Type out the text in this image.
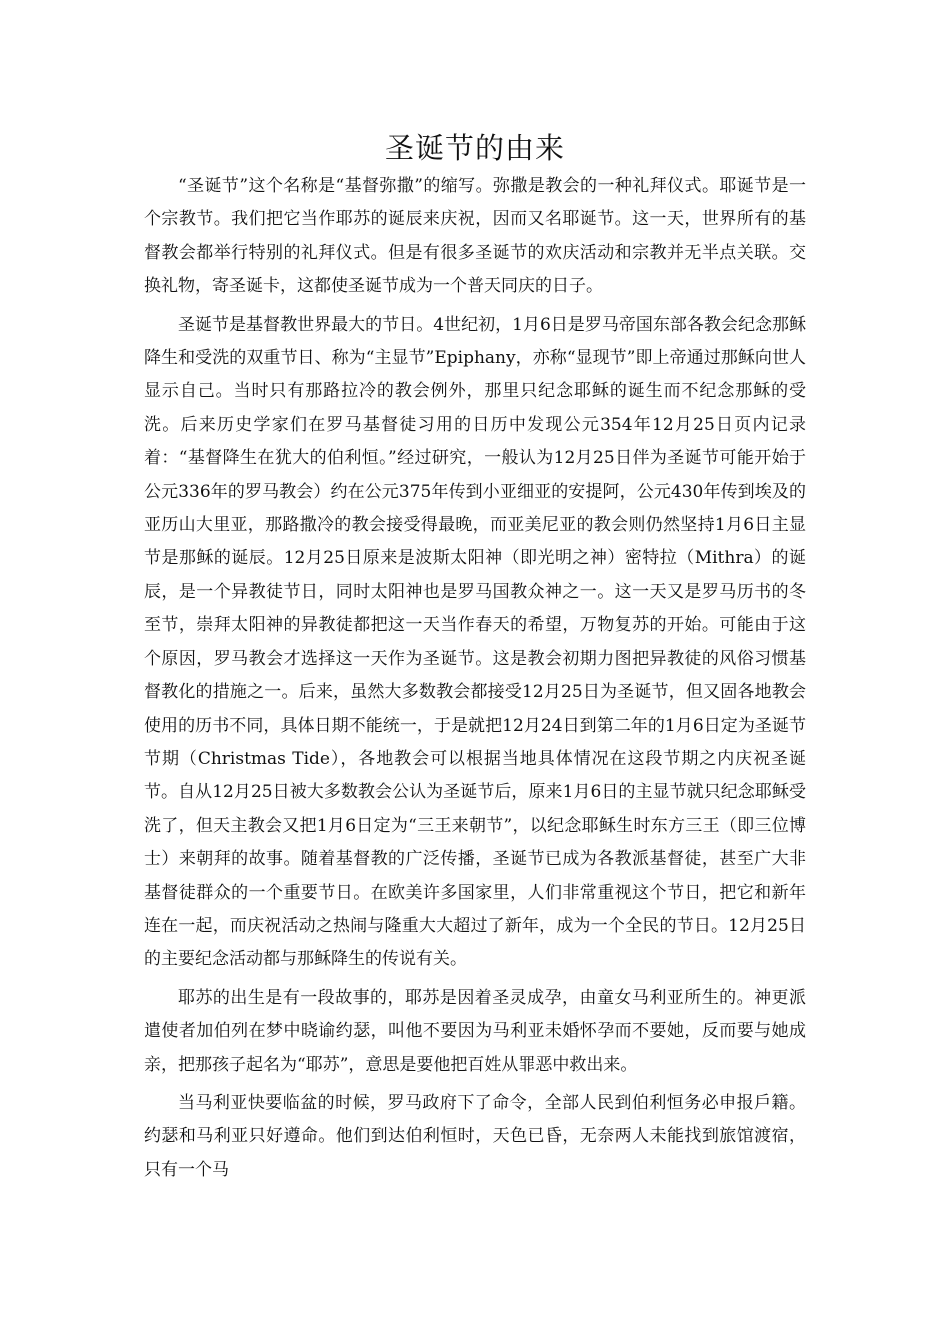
圣诞节的由来

“圣诞节”这个名称是“基督弥撒”的缩写。弥撒是教会的一种礼拜仪式。耶诞节是一个宗教节。我们把它当作耶苏的诞辰来庆祝，因而又名耶诞节。这一天，世界所有的基督教会都举行特别的礼拜仪式。但是有很多圣诞节的欢庆活动和宗教并无半点关联。交换礼物，寄圣诞卡，这都使圣诞节成为一个普天同庆的日子。

圣诞节是基督教世界最大的节日。4世纪初，1月6日是罗马帝国东部各教会纪念那稣降生和受洗的双重节日、称为“主显节”Epiphany，亦称“显现节”即上帝通过那稣向世人显示自己。当时只有那路拉冷的教会例外，那里只纪念耶稣的诞生而不纪念那稣的受洗。后来历史学家们在罗马基督徒习用的日历中发现公元354年12月25日页内记录着：“基督降生在犹大的伯利恒。”经过研究，一般认为12月25日伴为圣诞节可能开始于公元336年的罗马教会）约在公元375年传到小亚细亚的安提阿，公元430年传到埃及的亚历山大里亚，那路撒冷的教会接受得最晚，而亚美尼亚的教会则仍然坚持1月6日主显节是那稣的诞辰。12月25日原来是波斯太阳神（即光明之神）密特拉（Mithra）的诞辰，是一个异教徒节日，同时太阳神也是罗马国教众神之一。这一天又是罗马历书的冬至节，崇拜太阳神的异教徒都把这一天当作春天的希望，万物复苏的开始。可能由于这个原因，罗马教会才选择这一天作为圣诞节。这是教会初期力图把异教徒的风俗习惯基督教化的措施之一。后来，虽然大多数教会都接受12月25日为圣诞节，但又固各地教会使用的历书不同，具体日期不能统一，于是就把12月24日到第二年的1月6日定为圣诞节节期（Christmas Tide），各地教会可以根据当地具体情况在这段节期之内庆祝圣诞节。自从12月25日被大多数教会公认为圣诞节后，原来1月6日的主显节就只纪念耶稣受洗了，但天主教会又把1月6日定为“三王来朝节”，以纪念耶稣生时东方三王（即三位博士）来朝拜的故事。随着基督教的广泛传播，圣诞节已成为各教派基督徒，甚至广大非基督徒群众的一个重要节日。在欧美许多国家里，人们非常重视这个节日，把它和新年连在一起，而庆祝活动之热闹与隆重大大超过了新年，成为一个全民的节日。12月25日的主要纪念活动都与那稣降生的传说有关。

耶苏的出生是有一段故事的，耶苏是因着圣灵成孕，由童女马利亚所生的。神更派遣使者加伯列在梦中晓谕约瑟，叫他不要因为马利亚未婚怀孕而不要她，反而要与她成亲，把那孩子起名为“耶苏”，意思是要他把百姓从罪恶中救出来。

当马利亚快要临盆的时候，罗马政府下了命令，全部人民到伯利恒务必申报戶籍。约瑟和马利亚只好遵命。他们到达伯利恒时，天色已昏，无奈两人未能找到旅馆渡宿，只有一个马
